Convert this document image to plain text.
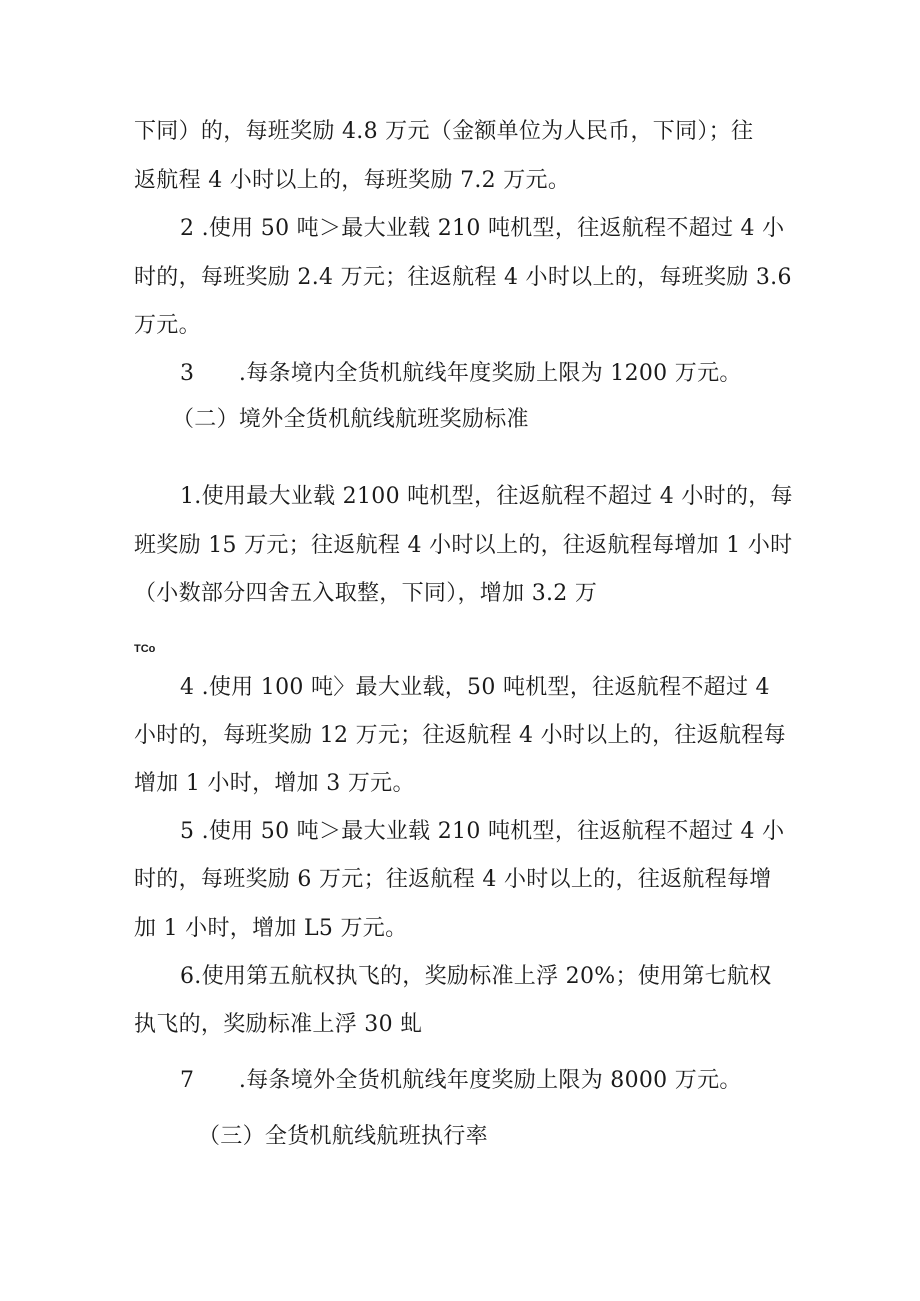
下同）的，每班奖励 4.8 万元（金额单位为人民币，下同）；往
返航程 4 小时以上的，每班奖励 7.2 万元。
2 .使用 50 吨＞最大业载 210 吨机型，往返航程不超过 4 小
时的，每班奖励 2.4 万元；往返航程 4 小时以上的，每班奖励 3.6
万元。
3　　.每条境内全货机航线年度奖励上限为 1200 万元。
（二）境外全货机航线航班奖励标准
1.使用最大业载 2100 吨机型，往返航程不超过 4 小时的，每
班奖励 15 万元；往返航程 4 小时以上的，往返航程每增加 1 小时
（小数部分四舍五入取整，下同），增加 3.2 万
TCo
4 .使用 100 吨〉最大业载，50 吨机型，往返航程不超过 4
小时的，每班奖励 12 万元；往返航程 4 小时以上的，往返航程每
增加 1 小时，增加 3 万元。
5 .使用 50 吨＞最大业载 210 吨机型，往返航程不超过 4 小
时的，每班奖励 6 万元；往返航程 4 小时以上的，往返航程每增
加 1 小时，增加 L5 万元。
6.使用第五航权执飞的，奖励标准上浮 20%；使用第七航权
执飞的，奖励标准上浮 30 虬
7　　.每条境外全货机航线年度奖励上限为 8000 万元。
（三）全货机航线航班执行率
